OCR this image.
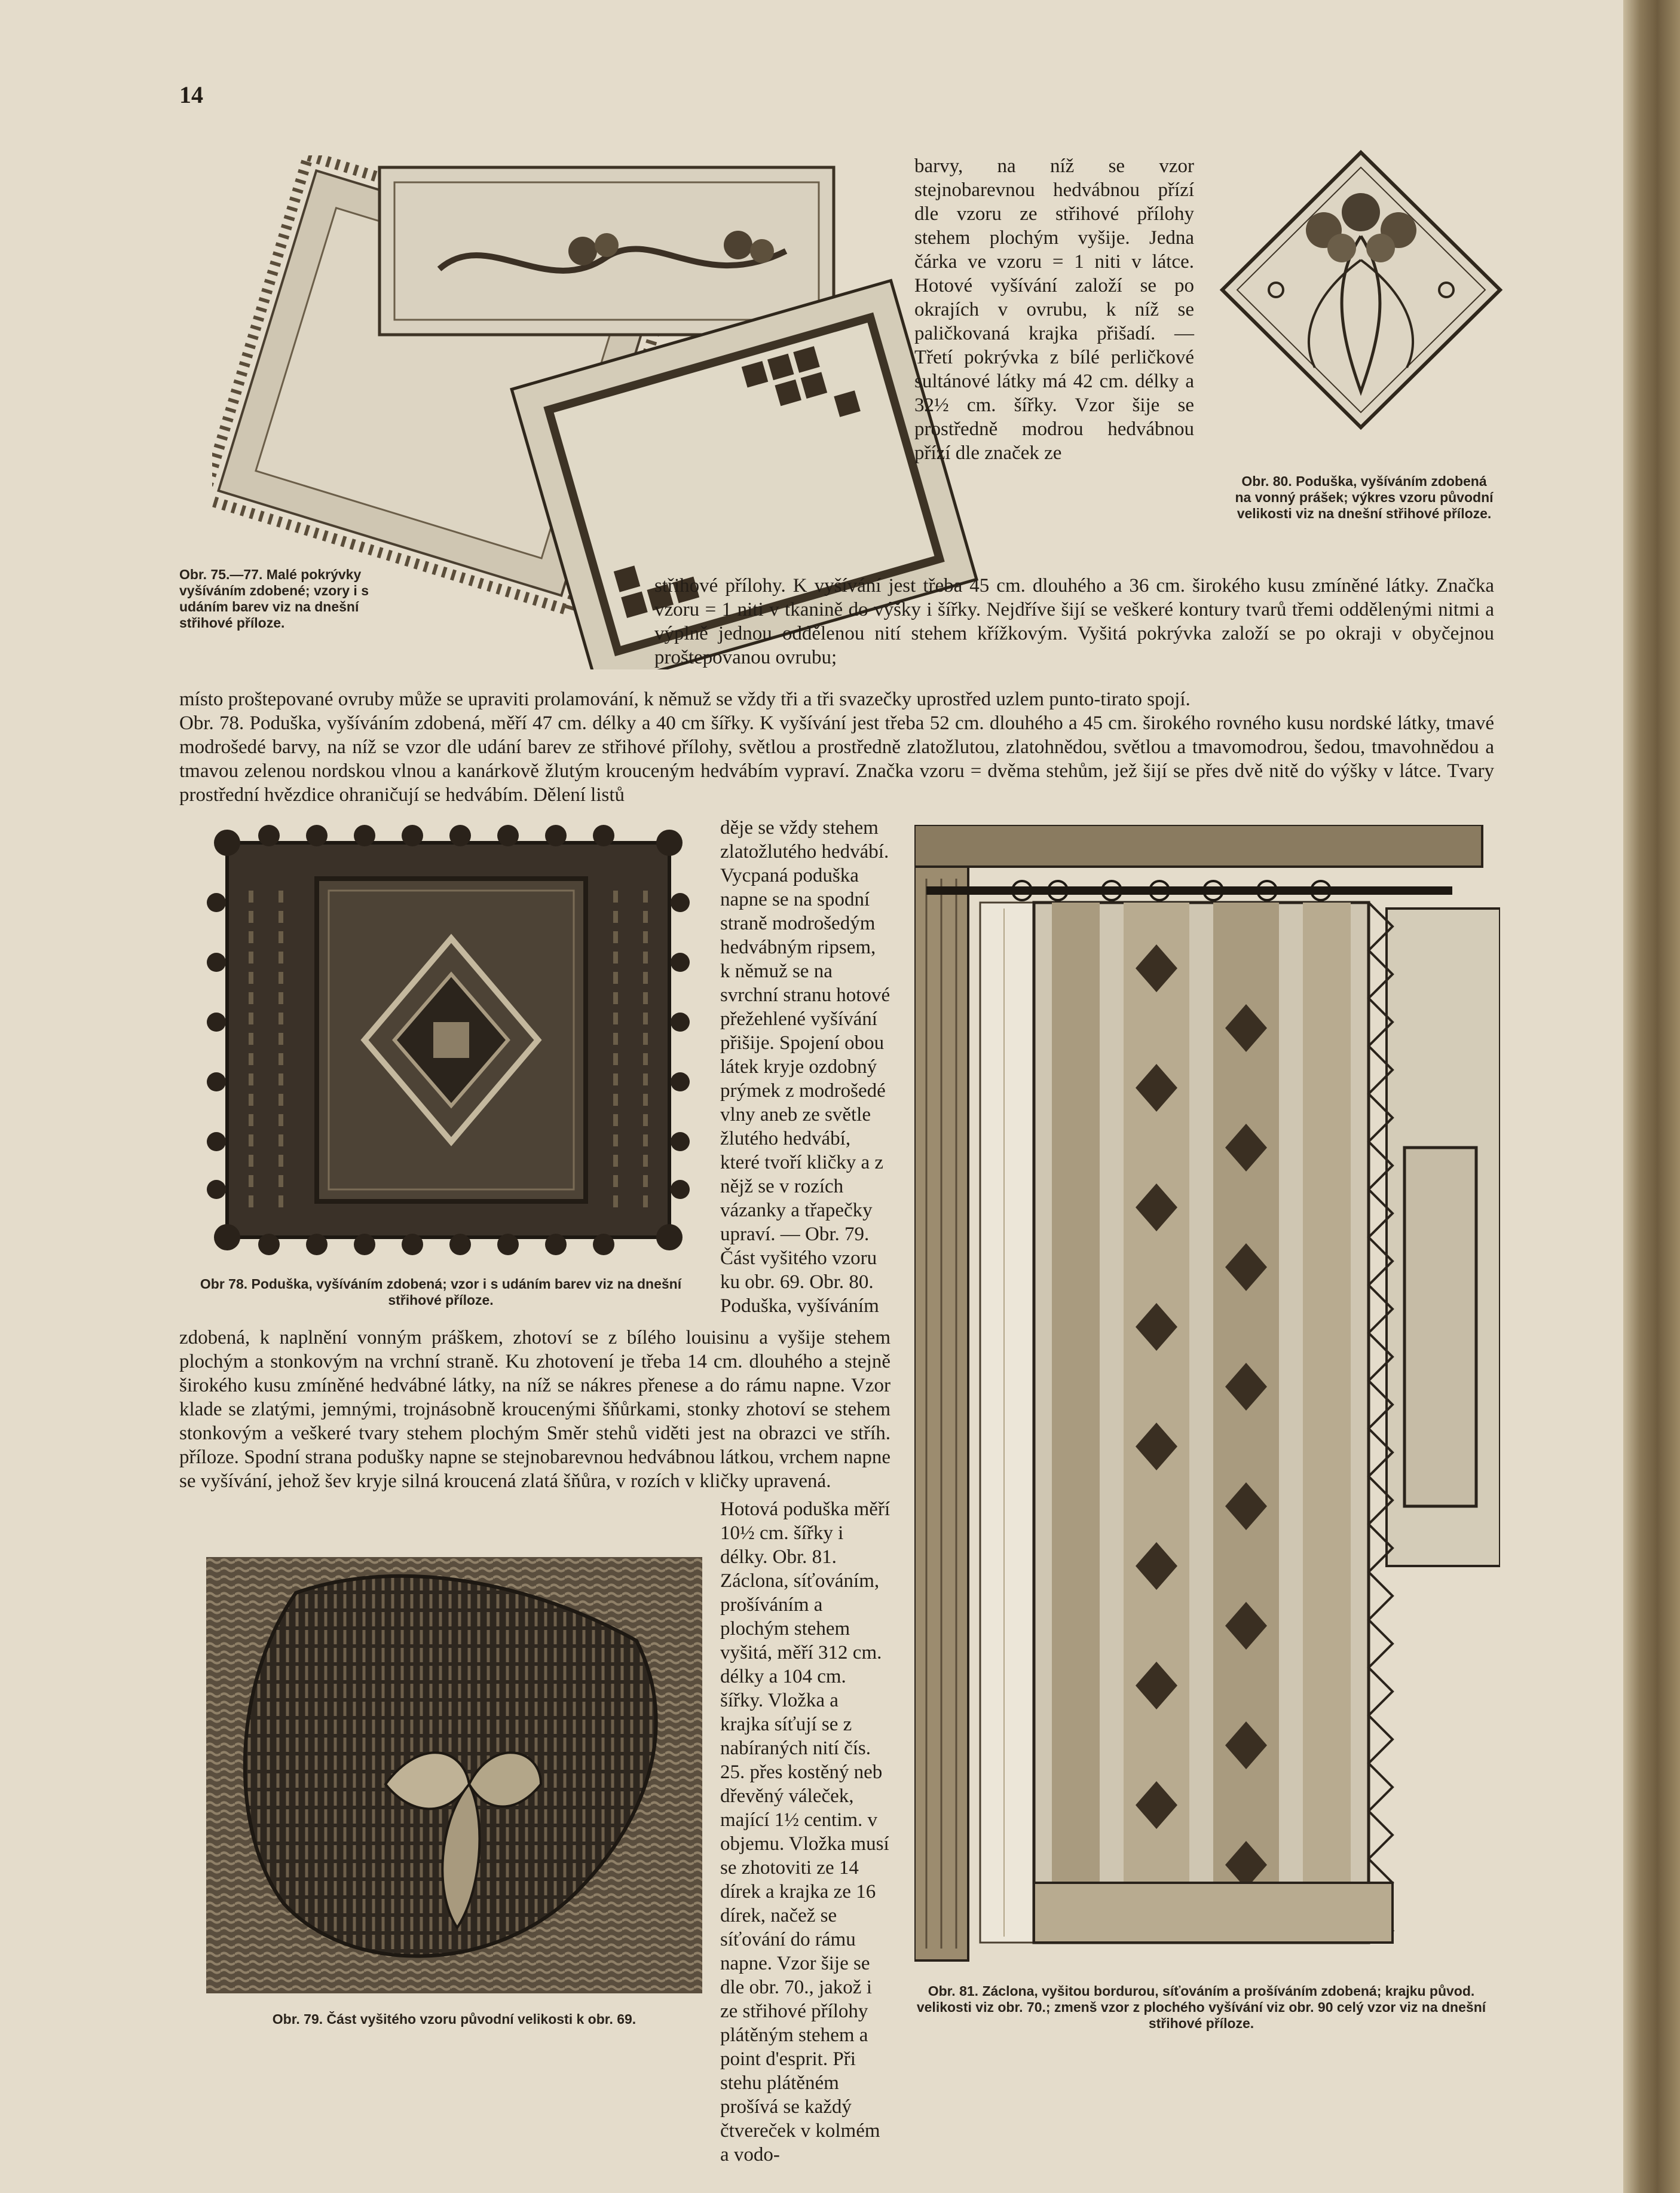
14
Obr. 75.—77. Malé pokrývky vyšíváním zdobené; vzory i s udáním barev viz na dnešní střihové příloze.
Obr. 80. Poduška, vyšíváním zdobená na vonný prášek; výkres vzoru původní velikosti viz na dnešní střihové příloze.
barvy, na níž se vzor stejnobarevnou hedvábnou přízí dle vzoru ze střihové přílohy stehem plochým vyšije. Jedna čárka ve vzoru = 1 niti v látce. Hotové vyšívání založí se po okrajích v ovrubu, k níž se paličkovaná krajka přišadí. — Třetí pokrývka z bílé perličkové sultánové látky má 42 cm. délky a 32½ cm. šířky. Vzor šije se prostředně modrou hedvábnou přízí dle značek ze
střihové přílohy. K vyšívání jest třeba 45 cm. dlouhého a 36 cm. širokého kusu zmíněné látky. Značka vzoru = 1 niti v tkanině do výšky i šířky. Nejdříve šijí se veškeré kontury tvarů třemi oddělenými nitmi a výplně jednou oddělenou nití stehem křížkovým. Vyšitá pokrývka založí se po okraji v obyčejnou proštepovanou ovrubu;
místo proštepované ovruby může se upraviti prolamování, k němuž se vždy tři a tři svazečky uprostřed uzlem punto-tirato spojí.
Obr. 78. Poduška, vyšíváním zdobená, měří 47 cm. délky a 40 cm šířky. K vyšívání jest třeba 52 cm. dlouhého a 45 cm. širokého rovného kusu nordské látky, tmavé modrošedé barvy, na níž se vzor dle udání barev ze střihové přílohy, světlou a prostředně zlatožlutou, zlatohnědou, světlou a tmavomodrou, šedou, tmavohnědou a tmavou zelenou nordskou vlnou a kanárkově žlutým krouceným hedvábím vypraví. Značka vzoru = dvěma stehům, jež šijí se přes dvě nitě do výšky v látce. Tvary prostřední hvězdice ohraničují se hedvábím. Dělení listů
Obr 78. Poduška, vyšíváním zdobená; vzor i s udáním barev viz na dnešní střihové příloze.
děje se vždy stehem zlatožlutého hedvábí. Vycpaná poduška napne se na spodní straně modrošedým hedvábným ripsem, k němuž se na svrchní stranu hotové přežehlené vyšívání přišije. Spojení obou látek kryje ozdobný prýmek z modrošedé vlny aneb ze světle žlutého hedvábí, které tvoří kličky a z nějž se v rozích vázanky a třapečky upraví. — Obr. 79. Část vyšitého vzoru ku obr. 69. Obr. 80. Poduška, vyšíváním
zdobená, k naplnění vonným práškem, zhotoví se z bílého louisinu a vyšije stehem plochým a stonkovým na vrchní straně. Ku zhotovení je třeba 14 cm. dlouhého a stejně širokého kusu zmíněné hedvábné látky, na níž se nákres přenese a do rámu napne. Vzor klade se zlatými, jemnými, trojnásobně kroucenými šňůrkami, stonky zhotoví se stehem stonkovým a veškeré tvary stehem plochým Směr stehů viděti jest na obrazci ve stříh. příloze. Spodní strana podušky napne se stejnobarevnou hedvábnou látkou, vrchem napne se vyšívání, jehož šev kryje silná kroucená zlatá šňůra, v rozích v kličky upravená.
Obr. 79. Část vyšitého vzoru původní velikosti k obr. 69.
Hotová poduška měří 10½ cm. šířky i délky. Obr. 81. Záclona, síťováním, prošíváním a plochým stehem vyšitá, měří 312 cm. délky a 104 cm. šířky. Vložka a krajka síťují se z nabíraných nití čís. 25. přes kostěný neb dřevěný váleček, mající 1½ centim. v objemu. Vložka musí se zhotoviti ze 14 dírek a krajka ze 16 dírek, načež se síťování do rámu napne. Vzor šije se dle obr. 70., jakož i ze střihové přílohy plátěným stehem a point d'esprit. Při stehu plátěném prošívá se každý čtvereček v kolmém a vodo-
Obr. 81. Záclona, vyšitou bordurou, síťováním a prošíváním zdobená; krajku původ. velikosti viz obr. 70.; zmenš vzor z plochého vyšívání viz obr. 90 celý vzor viz na dnešní střihové příloze.
